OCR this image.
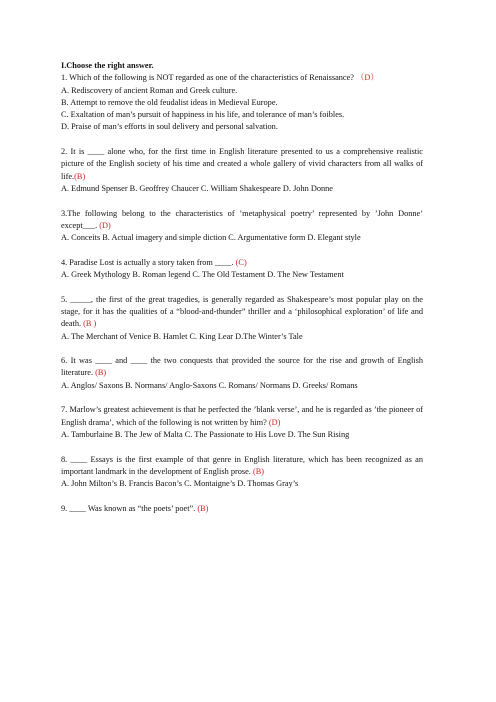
I.Choose the right answer.

1. Which of the following is NOT regarded as one of the characteristics of Renaissance? （D）

A. Rediscovery of ancient Roman and Greek culture.

B. Attempt to remove the old feudalist ideas in Medieval Europe.

C. Exaltation of man’s pursuit of happiness in his life, and tolerance of man’s foibles.

D. Praise of man’s efforts in soul delivery and personal salvation.

2. It is ____ alone who, for the first time in English literature presented to us a comprehensive realistic picture of the English society of his time and created a whole gallery of vivid characters from all walks of life.(B)

A. Edmund Spenser B. Geoffrey Chaucer C. William Shakespeare D. John Donne

3.The following belong to the characteristics of ’metaphysical poetry’ represented by ’John Donne’ except___. (D)

A. Conceits B. Actual imagery and simple diction C. Argumentative form D. Elegant style

4. Paradise Lost is actually a story taken from ____. (C)

A. Greek Mythology B. Roman legend C. The Old Testament D. The New Testament

5. _____, the first of the great tragedies, is generally regarded as Shakespeare’s most popular play on the stage, for it has the qualities of a “blood-and-thunder” thriller and a ‘philosophical exploration’ of life and death. (B )

A. The Merchant of Venice B. Hamlet C. King Lear D.The Winter’s Tale

6. It was ____ and ____ the two conquests that provided the source for the rise and growth of English literature. (B)

A. Anglos/ Saxons B. Normans/ Anglo-Saxons C. Romans/ Normans D. Greeks/ Romans

7. Marlow’s greatest achievement is that he perfected the ’blank verse’, and he is regarded as ’the pioneer of English drama’, which of the following is not written by him? (D)

A. Tamburlaine B. The Jew of Malta C. The Passionate to His Love D. The Sun Rising

8. ____ Essays is the first example of that genre in English literature, which has been recognized as an important landmark in the development of English prose. (B)

A. John Milton’s B. Francis Bacon’s C. Montaigne’s D. Thomas Gray’s

9. ____ Was known as “the poets’ poet”. (B)
